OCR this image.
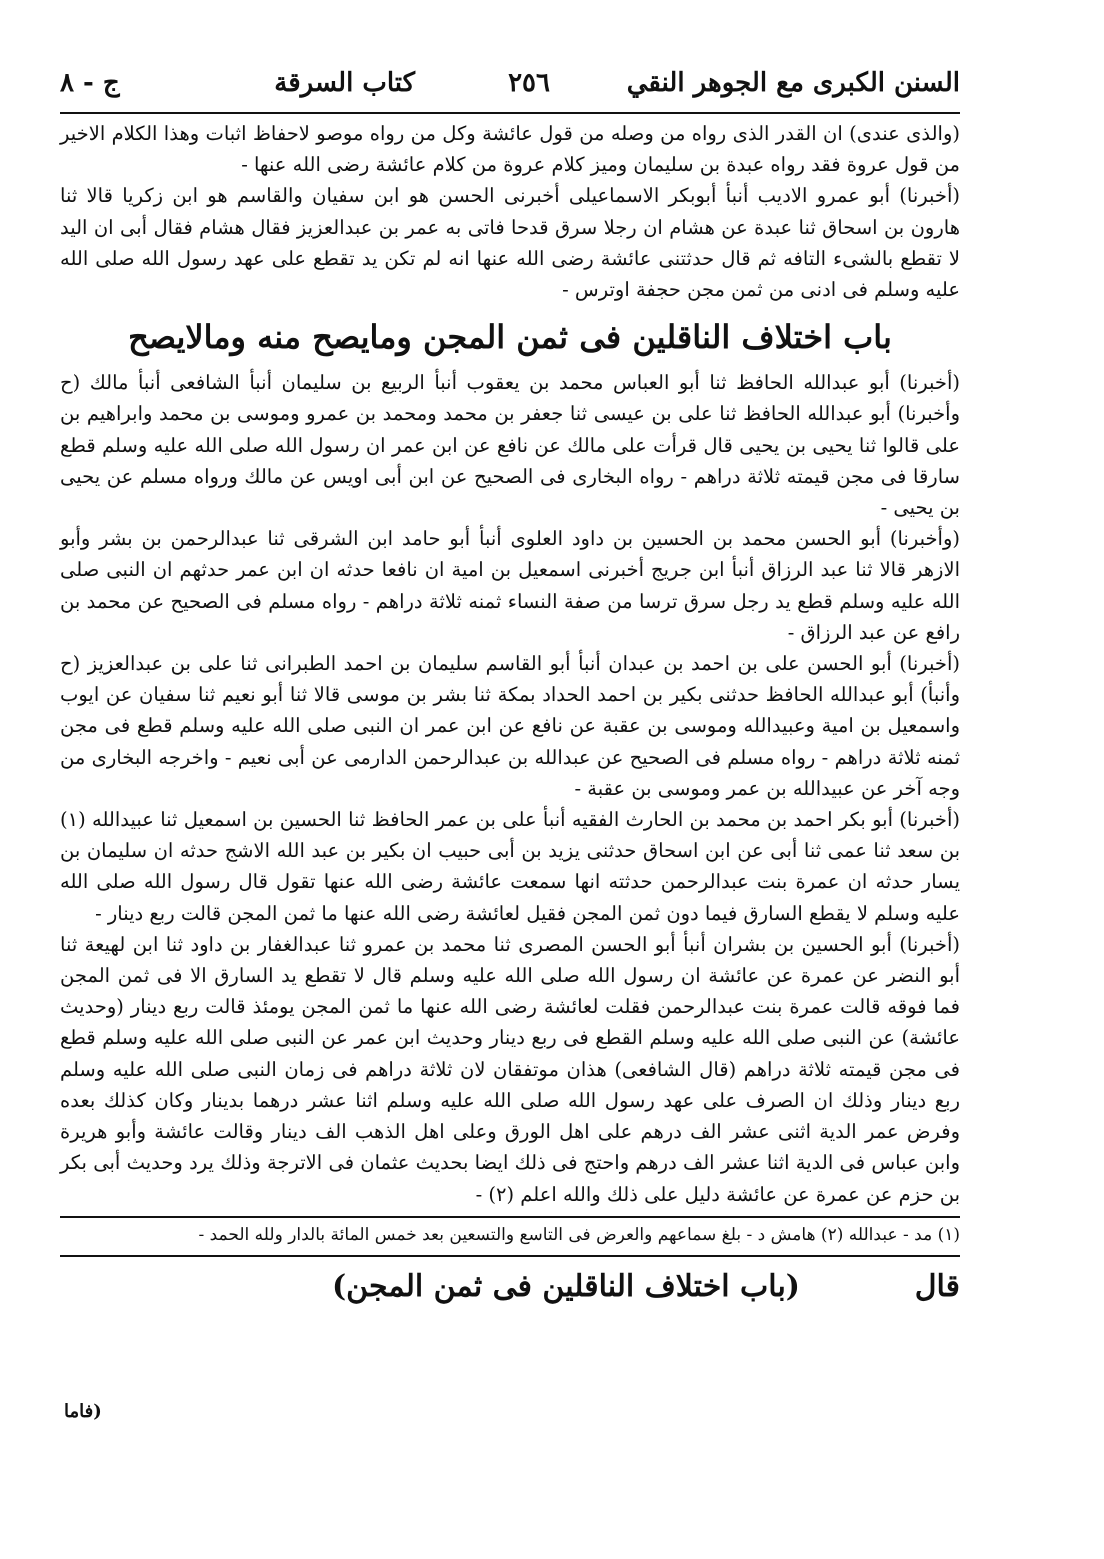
السنن الكبرى مع الجوهر النقي
٢٥٦
كتاب السرقة
ج - ٨

(والذى عندى) ان القدر الذى رواه من وصله من قول عائشة وكل من رواه موصو لاحفاظ اثبات وهذا الكلام الاخير من قول عروة فقد رواه عبدة بن سليمان وميز كلام عروة من كلام عائشة رضى الله عنها -

(أخبرنا) أبو عمرو الاديب أنبأ أبوبكر الاسماعيلى أخبرنى الحسن هو ابن سفيان والقاسم هو ابن زكريا قالا ثنا هارون بن اسحاق ثنا عبدة عن هشام ان رجلا سرق قدحا فاتى به عمر بن عبدالعزيز فقال هشام فقال أبى ان اليد لا تقطع بالشىء التافه ثم قال حدثتنى عائشة رضى الله عنها انه لم تكن يد تقطع على عهد رسول الله صلى الله عليه وسلم فى ادنى من ثمن مجن حجفة اوترس -

باب اختلاف الناقلين فى ثمن المجن ومايصح منه ومالايصح

(أخبرنا) أبو عبدالله الحافظ ثنا أبو العباس محمد بن يعقوب أنبأ الربيع بن سليمان أنبأ الشافعى أنبأ مالك (ح وأخبرنا) أبو عبدالله الحافظ ثنا على بن عيسى ثنا جعفر بن محمد ومحمد بن عمرو وموسى بن محمد وابراهيم بن على قالوا ثنا يحيى بن يحيى قال قرأت على مالك عن نافع عن ابن عمر ان رسول الله صلى الله عليه وسلم قطع سارقا فى مجن قيمته ثلاثة دراهم - رواه البخارى فى الصحيح عن ابن أبى اويس عن مالك ورواه مسلم عن يحيى بن يحيى -

(وأخبرنا) أبو الحسن محمد بن الحسين بن داود العلوى أنبأ أبو حامد ابن الشرقى ثنا عبدالرحمن بن بشر وأبو الازهر قالا ثنا عبد الرزاق أنبأ ابن جريج أخبرنى اسمعيل بن امية ان نافعا حدثه ان ابن عمر حدثهم ان النبى صلى الله عليه وسلم قطع يد رجل سرق ترسا من صفة النساء ثمنه ثلاثة دراهم - رواه مسلم فى الصحيح عن محمد بن رافع عن عبد الرزاق -

(أخبرنا) أبو الحسن على بن احمد بن عبدان أنبأ أبو القاسم سليمان بن احمد الطبرانى ثنا على بن عبدالعزيز (ح وأنبأ) أبو عبدالله الحافظ حدثنى بكير بن احمد الحداد بمكة ثنا بشر بن موسى قالا ثنا أبو نعيم ثنا سفيان عن ايوب واسمعيل بن امية وعبيدالله وموسى بن عقبة عن نافع عن ابن عمر ان النبى صلى الله عليه وسلم قطع فى مجن ثمنه ثلاثة دراهم - رواه مسلم فى الصحيح عن عبدالله بن عبدالرحمن الدارمى عن أبى نعيم - واخرجه البخارى من وجه آخر عن عبيدالله بن عمر وموسى بن عقبة -

(أخبرنا) أبو بكر احمد بن محمد بن الحارث الفقيه أنبأ على بن عمر الحافظ ثنا الحسين بن اسمعيل ثنا عبيدالله (١) بن سعد ثنا عمى ثنا أبى عن ابن اسحاق حدثنى يزيد بن أبى حبيب ان بكير بن عبد الله الاشج حدثه ان سليمان بن يسار حدثه ان عمرة بنت عبدالرحمن حدثته انها سمعت عائشة رضى الله عنها تقول قال رسول الله صلى الله عليه وسلم لا يقطع السارق فيما دون ثمن المجن فقيل لعائشة رضى الله عنها ما ثمن المجن قالت ربع دينار -

(أخبرنا) أبو الحسين بن بشران أنبأ أبو الحسن المصرى ثنا محمد بن عمرو ثنا عبدالغفار بن داود ثنا ابن لهيعة ثنا أبو النضر عن عمرة عن عائشة ان رسول الله صلى الله عليه وسلم قال لا تقطع يد السارق الا فى ثمن المجن فما فوقه قالت عمرة بنت عبدالرحمن فقلت لعائشة رضى الله عنها ما ثمن المجن يومئذ قالت ربع دينار (وحديث عائشة) عن النبى صلى الله عليه وسلم القطع فى ربع دينار وحديث ابن عمر عن النبى صلى الله عليه وسلم قطع فى مجن قيمته ثلاثة دراهم (قال الشافعى) هذان موتفقان لان ثلاثة دراهم فى زمان النبى صلى الله عليه وسلم ربع دينار وذلك ان الصرف على عهد رسول الله صلى الله عليه وسلم اثنا عشر درهما بدينار وكان كذلك بعده وفرض عمر الدية اثنى عشر الف درهم على اهل الورق وعلى اهل الذهب الف دينار وقالت عائشة وأبو هريرة وابن عباس فى الدية اثنا عشر الف درهم واحتج فى ذلك ايضا بحديث عثمان فى الاترجة وذلك يرد وحديث أبى بكر بن حزم عن عمرة عن عائشة دليل على ذلك والله اعلم (٢) -

(١) مد - عبدالله (٢) هامش د - بلغ سماعهم والعرض فى التاسع والتسعين بعد خمس المائة بالدار ولله الحمد -

قال
(باب اختلاف الناقلين فى ثمن المجن)
(فاما
